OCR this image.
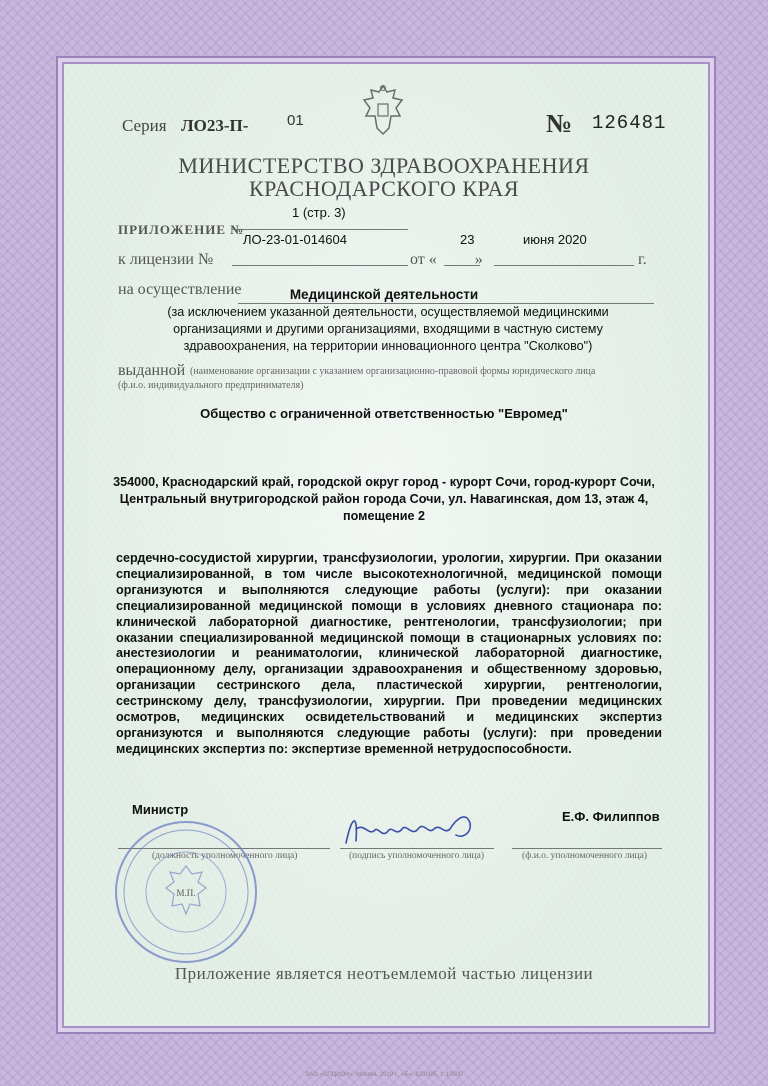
Серия ЛО23-П-	01	№ 126481
МИНИСТЕРСТВО ЗДРАВООХРАНЕНИЯ
КРАСНОДАРСКОГО КРАЯ
ПРИЛОЖЕНИЕ №
1 (стр. 3)
ЛО-23-01-014604	23	июня 2020
к лицензии №	от « »	г.
на осуществление	Медицинской деятельности
(за исключением указанной деятельности, осуществляемой медицинскими организациями и другими организациями, входящими в частную систему здравоохранения, на территории инновационного центра "Сколково")
выданной (наименование организации с указанием организационно-правовой формы юридического лица
(ф.и.о. индивидуального предпринимателя)
Общество с ограниченной ответственностью "Евромед"
354000, Краснодарский край, городской округ город - курорт Сочи, город-курорт Сочи, Центральный внутригородской район города Сочи, ул. Навагинская, дом 13, этаж 4, помещение 2
сердечно-сосудистой хирургии, трансфузиологии, урологии, хирургии. При оказании специализированной, в том числе высокотехнологичной, медицинской помощи организуются и выполняются следующие работы (услуги): при оказании специализированной медицинской помощи в условиях дневного стационара по: клинической лабораторной диагностике, рентгенологии, трансфузиологии; при оказании специализированной медицинской помощи в стационарных условиях по: анестезиологии и реаниматологии, клинической лабораторной диагностике, операционному делу, организации здравоохранения и общественному здоровью, организации сестринского дела, пластической хирургии, рентгенологии, сестринскому делу, трансфузиологии, хирургии. При проведении медицинских осмотров, медицинских освидетельствований и медицинских экспертиз организуются и выполняются следующие работы (услуги): при проведении медицинских экспертиз по: экспертизе временной нетрудоспособности.
Министр	Е.Ф. Филиппов
(должность уполномоченного лица)	(подпись уполномоченного лица)	(ф.и.о. уполномоченного лица)
М.П.
Приложение является неотъемлемой частью лицензии
ЗАО «ОПЦИОН», Москва, 2019 г., «Б», 620/385, т. 10000
